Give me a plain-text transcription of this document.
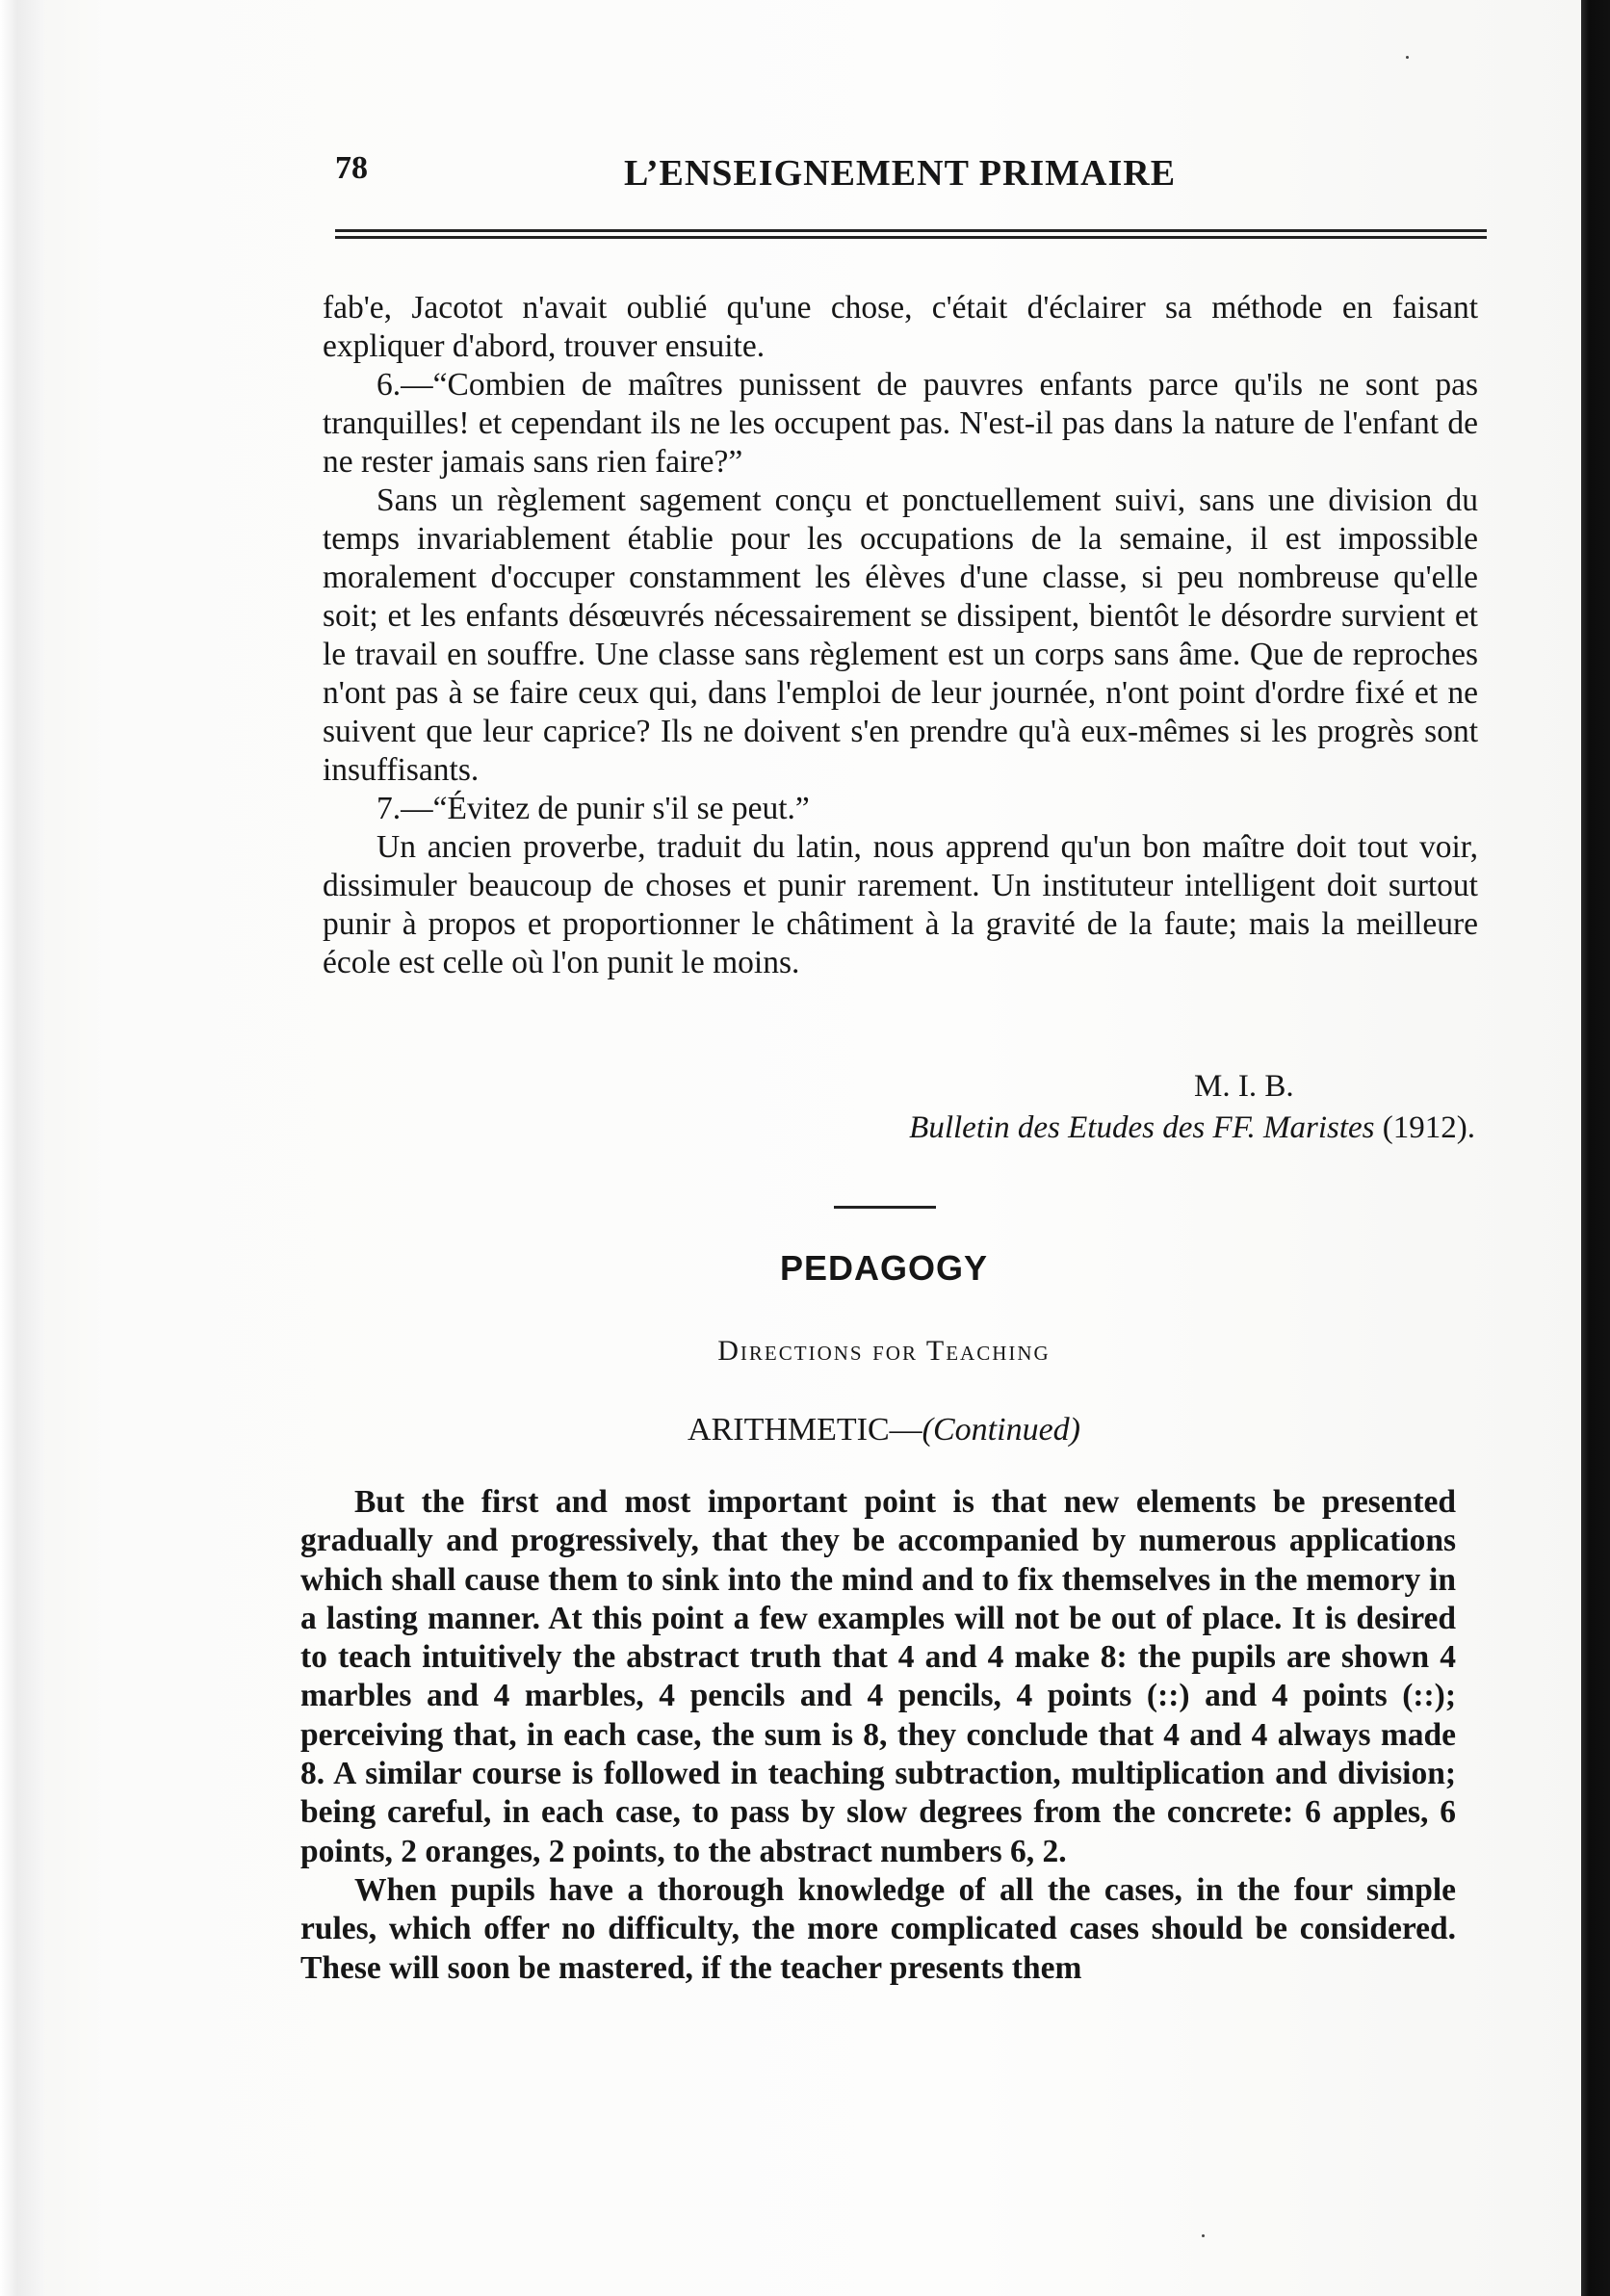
78	L’ENSEIGNEMENT PRIMAIRE

fab'e, Jacotot n'avait oublié qu'une chose, c'était d'éclairer sa méthode en faisant expliquer d'abord, trouver ensuite.

6.—“Combien de maîtres punissent de pauvres enfants parce qu'ils ne sont pas tranquilles! et cependant ils ne les occupent pas. N'est-il pas dans la nature de l'enfant de ne rester jamais sans rien faire?”

Sans un règlement sagement conçu et ponctuellement suivi, sans une division du temps invariablement établie pour les occupations de la semaine, il est impossible moralement d'occuper constamment les élèves d'une classe, si peu nombreuse qu'elle soit; et les enfants désœuvrés nécessairement se dissipent, bientôt le désordre survient et le travail en souffre. Une classe sans règlement est un corps sans âme. Que de reproches n'ont pas à se faire ceux qui, dans l'emploi de leur journée, n'ont point d'ordre fixé et ne suivent que leur caprice? Ils ne doivent s'en prendre qu'à eux-mêmes si les progrès sont insuffisants.

7.—“Évitez de punir s'il se peut.”

Un ancien proverbe, traduit du latin, nous apprend qu'un bon maître doit tout voir, dissimuler beaucoup de choses et punir rarement. Un instituteur intelligent doit surtout punir à propos et proportionner le châtiment à la gravité de la faute; mais la meilleure école est celle où l'on punit le moins.

M. I. B.
Bulletin des Etudes des FF. Maristes (1912).
PEDAGOGY
Directions for Teaching
ARITHMETIC—(Continued)

But the first and most important point is that new elements be presented gradually and progressively, that they be accompanied by numerous applications which shall cause them to sink into the mind and to fix themselves in the memory in a lasting manner. At this point a few examples will not be out of place. It is desired to teach intuitively the abstract truth that 4 and 4 make 8: the pupils are shown 4 marbles and 4 marbles, 4 pencils and 4 pencils, 4 points (::) and 4 points (::); perceiving that, in each case, the sum is 8, they conclude that 4 and 4 always made 8. A similar course is followed in teaching subtraction, multiplication and division; being careful, in each case, to pass by slow degrees from the concrete: 6 apples, 6 points, 2 oranges, 2 points, to the abstract numbers 6, 2.

When pupils have a thorough knowledge of all the cases, in the four simple rules, which offer no difficulty, the more complicated cases should be considered. These will soon be mastered, if the teacher presents them
